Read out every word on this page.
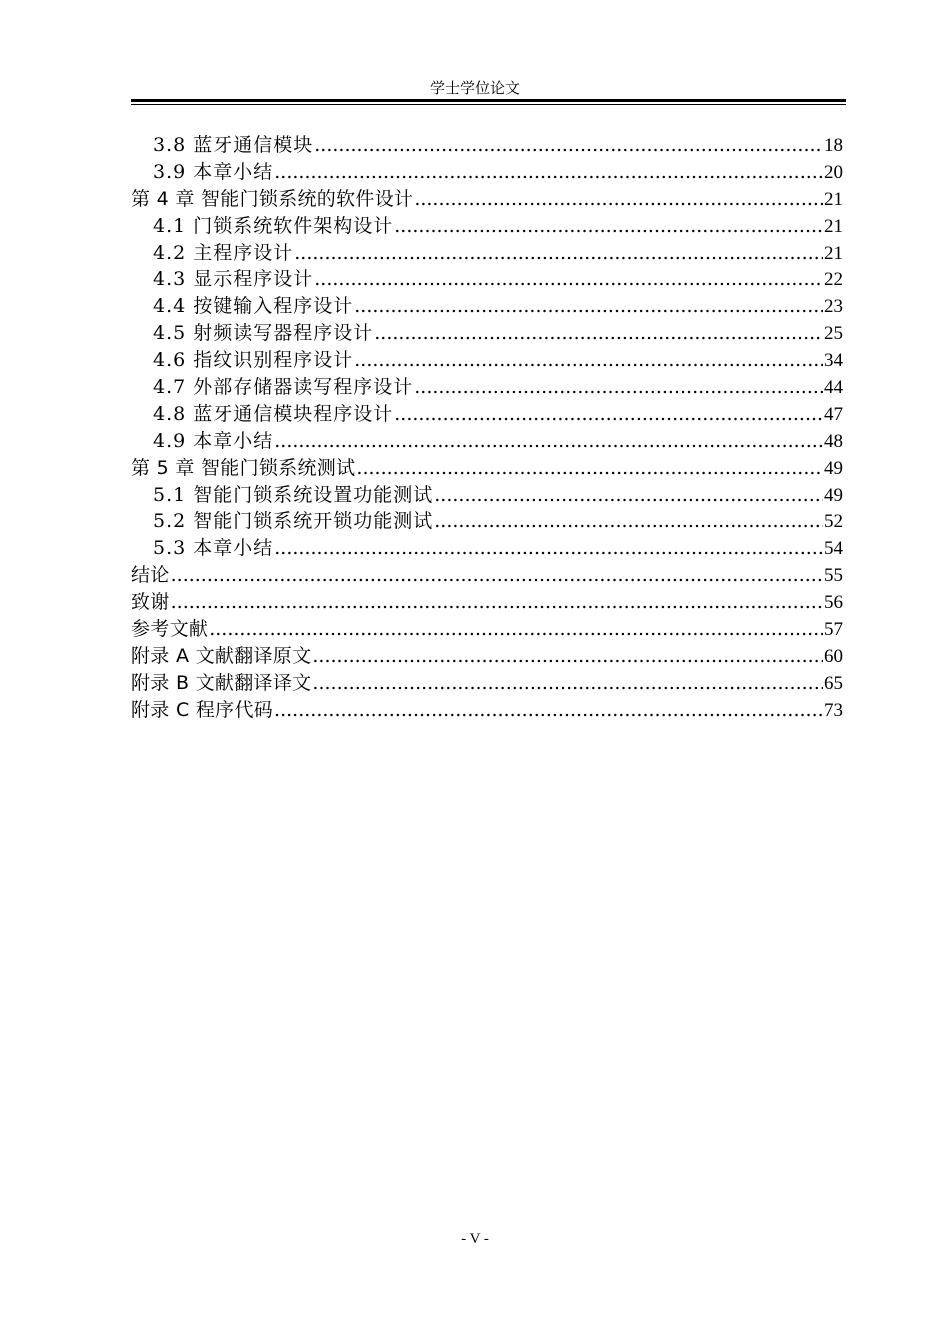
学士学位论文
3.8 蓝牙通信模块 .....	18
3.9 本章小结 .....	20
第 4 章 智能门锁系统的软件设计 .....	21
4.1 门锁系统软件架构设计 .....	21
4.2 主程序设计 .....	21
4.3 显示程序设计 .....	22
4.4 按键输入程序设计 .....	23
4.5 射频读写器程序设计 .....	25
4.6 指纹识别程序设计 .....	34
4.7 外部存储器读写程序设计 .....	44
4.8 蓝牙通信模块程序设计 .....	47
4.9 本章小结 .....	48
第 5 章 智能门锁系统测试 .....	49
5.1 智能门锁系统设置功能测试 .....	49
5.2 智能门锁系统开锁功能测试 .....	52
5.3 本章小结 .....	54
结论 .....	55
致谢 .....	56
参考文献 .....	57
附录 A 文献翻译原文 .....	60
附录 B 文献翻译译文 .....	65
附录 C 程序代码 .....	73
- V -
